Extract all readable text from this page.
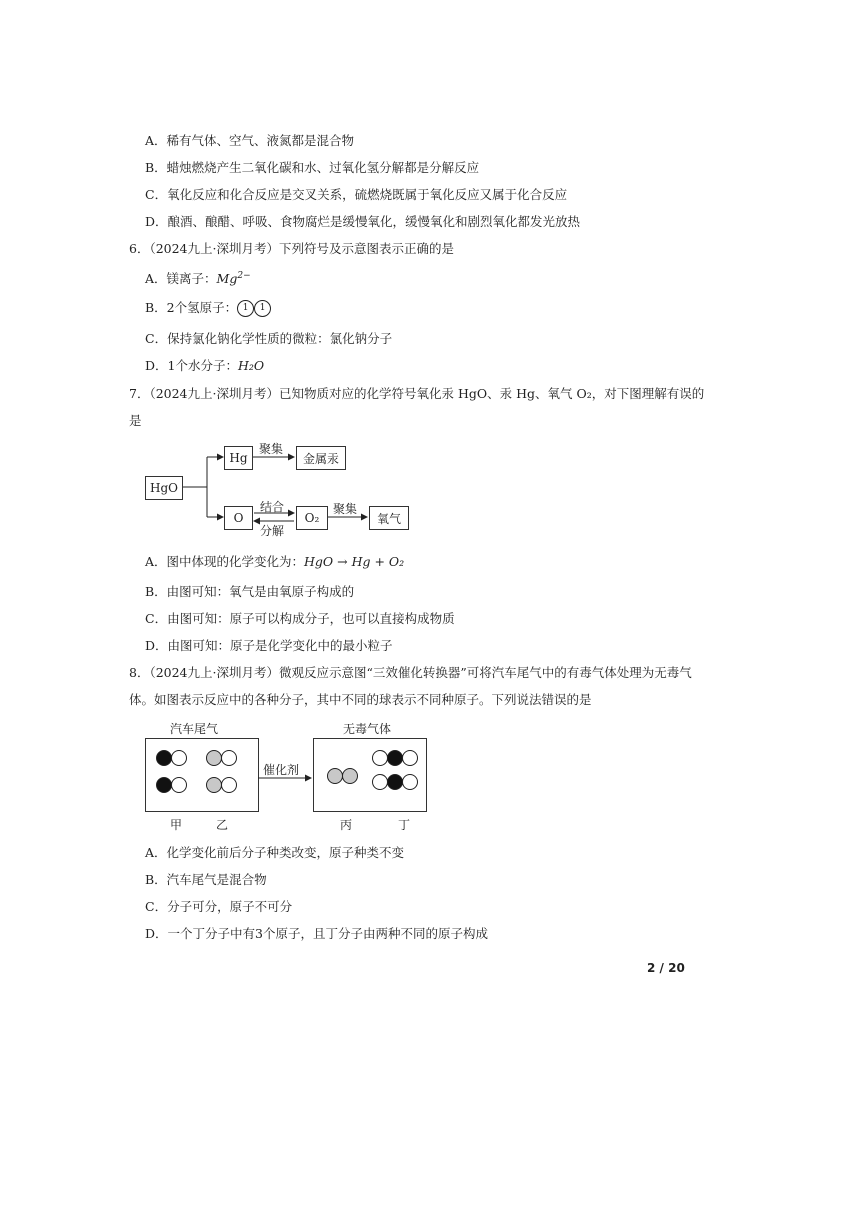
A．稀有气体、空气、液氮都是混合物
B．蜡烛燃烧产生二氧化碳和水、过氧化氢分解都是分解反应
C．氧化反应和化合反应是交叉关系，硫燃烧既属于氧化反应又属于化合反应
D．酿酒、酿醋、呼吸、食物腐烂是缓慢氧化，缓慢氧化和剧烈氧化都发光放热
6．（2024九上·深圳月考）下列符号及示意图表示正确的是
A．镁离子：$Mg^{2-}$
B．2个氢原子： 1 1
C．保持氯化钠化学性质的微粒：氯化钠分子
D．1个水分子：H₂O
7．（2024九上·深圳月考）已知物质对应的化学符号氧化汞 HgO、汞 Hg、氧气 O₂，对下图理解有误的
是
HgO
Hg	金属汞
O	O₂	氧气
聚集
结合
分解
聚集
A．图中体现的化学变化为：HgO → Hg + O₂
B．由图可知：氧气是由氧原子构成的
C．由图可知：原子可以构成分子，也可以直接构成物质
D．由图可知：原子是化学变化中的最小粒子
8．（2024九上·深圳月考）微观反应示意图“三效催化转换器”可将汽车尾气中的有毒气体处理为无毒气
体。如图表示反应中的各种分子，其中不同的球表示不同种原子。下列说法错误的是
汽车尾气	无毒气体
催化剂
甲	乙	丙	丁
A．化学变化前后分子种类改变，原子种类不变
B．汽车尾气是混合物
C．分子可分，原子不可分
D．一个丁分子中有3个原子，且丁分子由两种不同的原子构成
2 / 20
